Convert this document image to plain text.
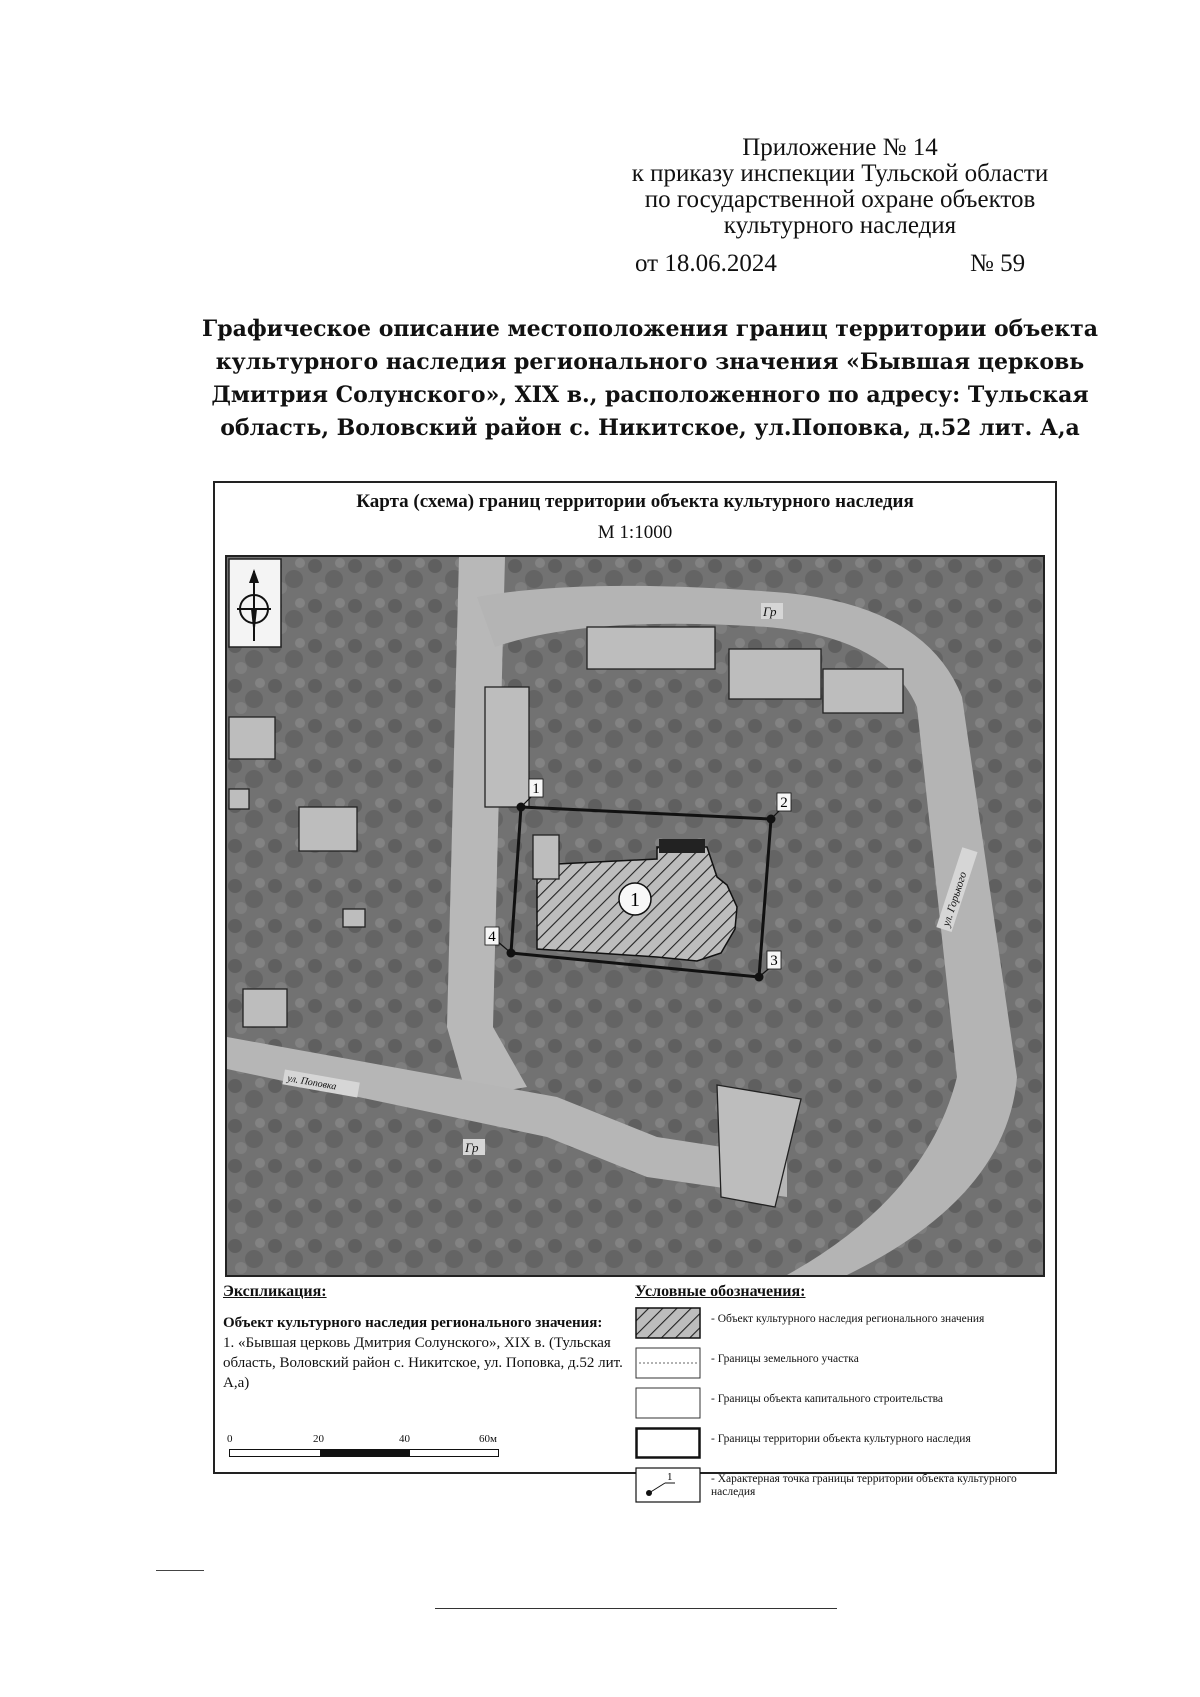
Приложение № 14
к приказу инспекции Тульской области
по государственной охране объектов
культурного наследия
от 18.06.2024	№ 59
Графическое описание местоположения границ территории объекта культурного наследия регионального значения «Бывшая церковь Дмитрия Солунского», XIX в., расположенного по адресу: Тульская область, Воловский район с. Никитское, ул.Поповка, д.52 лит. А,а
Карта (схема) границ территории объекта культурного наследия
М 1:1000
1
1
2
3
4
Гр
Гр
ул. Горького
ул. Поповка
Экспликация:
Объект культурного наследия регионального значения:
1. «Бывшая церковь Дмитрия Солунского», XIX в. (Тульская область, Воловский район с. Никитское, ул. Поповка, д.52 лит. А,а)
Условные обозначения:
- Объект культурного наследия регионального значения
- Границы земельного участка
- Границы объекта капитального строительства
- Границы территории объекта культурного наследия
1	- Характерная точка границы территории объекта культурного наследия
0	20	40	60м
